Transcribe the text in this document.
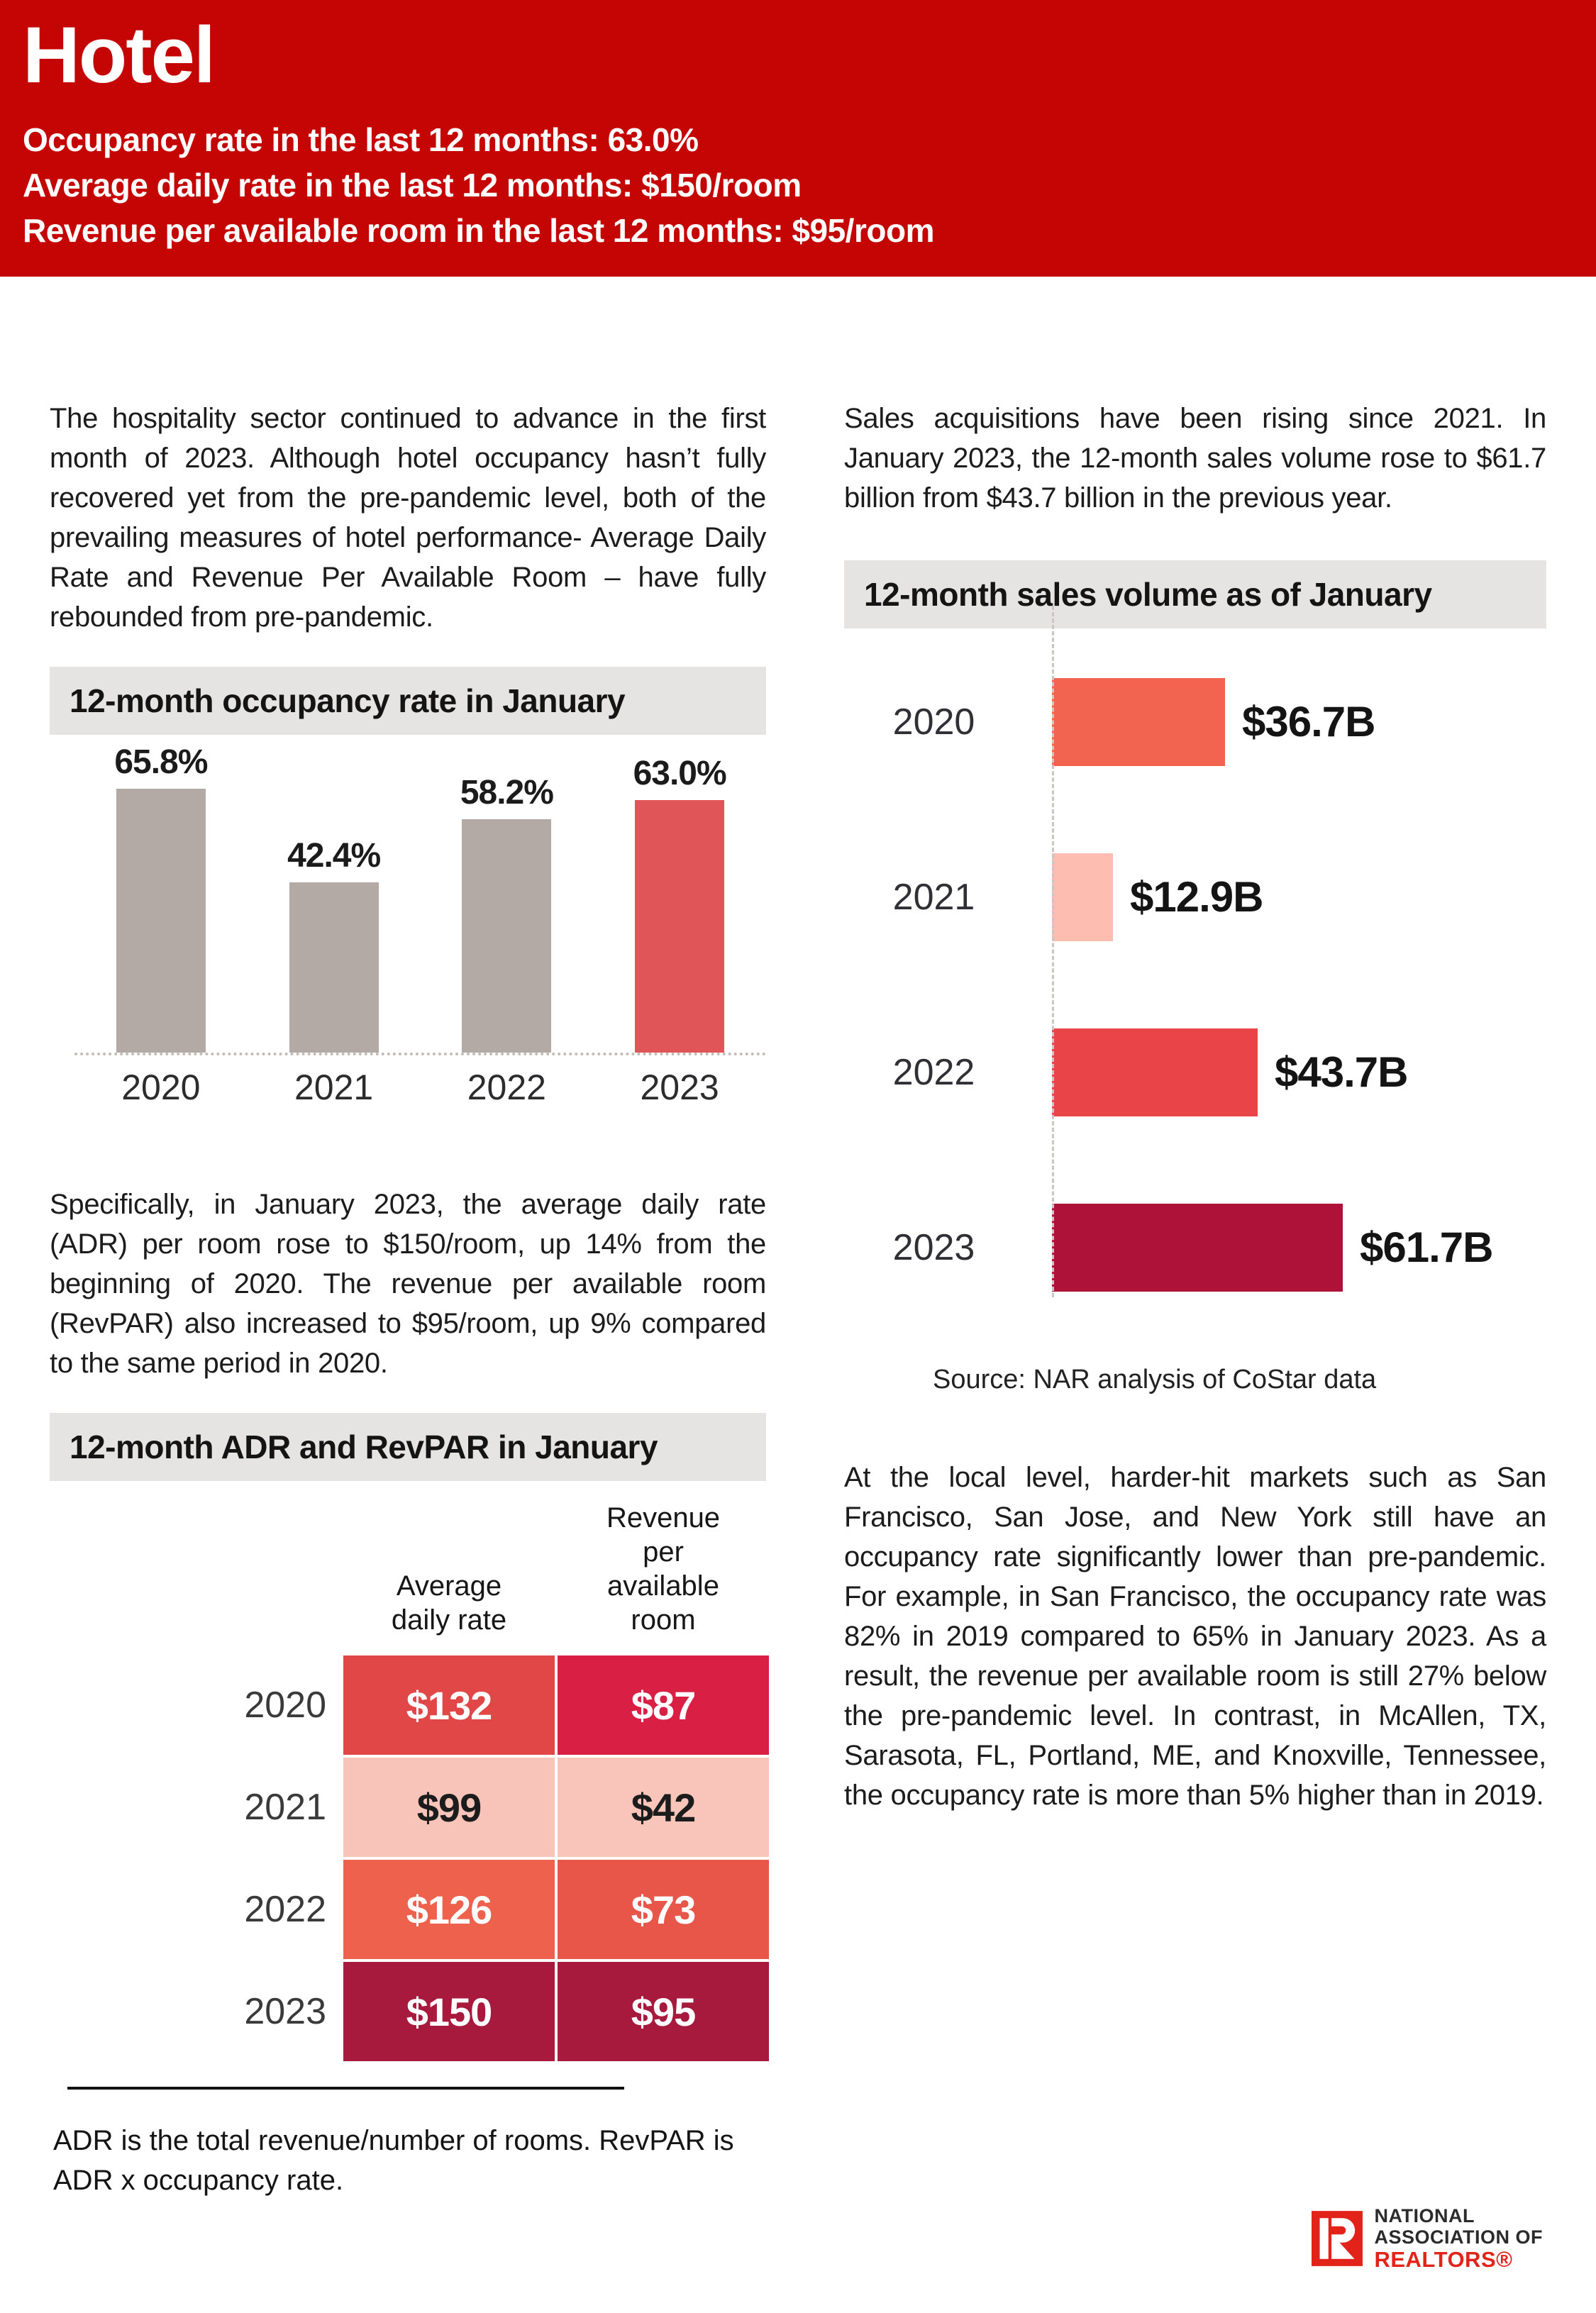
Hotel
Occupancy rate in the last 12 months: 63.0%
Average daily rate in the last 12 months: $150/room
Revenue per available room in the last 12 months: $95/room

The hospitality sector continued to advance in the first month of 2023. Although hotel occupancy hasn’t fully recovered yet from the pre-pandemic level, both of the prevailing measures of hotel performance- Average Daily Rate and Revenue Per Available Room – have fully rebounded from pre-pandemic.

12-month occupancy rate in January
65.8%
42.4%
58.2%
63.0%
2020	2021	2022	2023

Specifically, in January 2023, the average daily rate (ADR) per room rose to $150/room, up 14% from the beginning of 2020. The revenue per available room (RevPAR) also increased to $95/room, up 9% compared to the same period in 2020.

12-month ADR and RevPAR in January
Average daily rate
Revenue per available room
2020	$132	$87
2021	$99	$42
2022	$126	$73
2023	$150	$95

ADR is the total revenue/number of rooms. RevPAR is ADR x occupancy rate.

Sales acquisitions have been rising since 2021. In January 2023, the 12-month sales volume rose to $61.7 billion from $43.7 billion in the previous year.

12-month sales volume as of January
2020	$36.7B
2021	$12.9B
2022	$43.7B
2023	$61.7B

Source: NAR analysis of CoStar data

At the local level, harder-hit markets such as San Francisco, San Jose, and New York still have an occupancy rate significantly lower than pre-pandemic. For example, in San Francisco, the occupancy rate was 82% in 2019 compared to 65% in January 2023. As a result, the revenue per available room is still 27% below the pre-pandemic level. In contrast, in McAllen, TX, Sarasota, FL, Portland, ME, and Knoxville, Tennessee, the occupancy rate is more than 5% higher than in 2019.

NATIONAL
ASSOCIATION OF
REALTORS®
